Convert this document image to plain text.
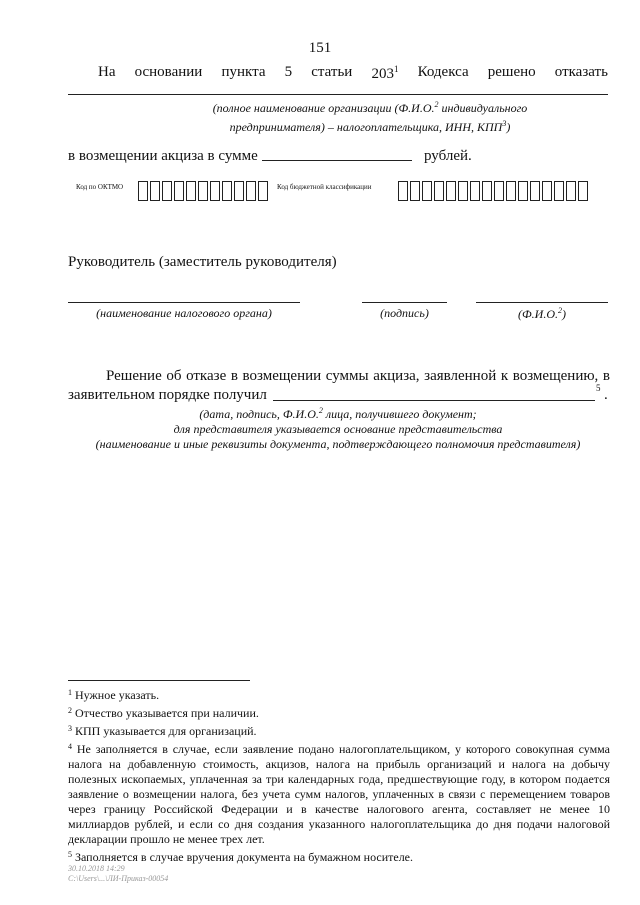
151
На основании пункта 5 статьи $203^1$ Кодекса решено отказать
(полное наименование организации (Ф.И.О.$^2$ индивидуального
предпринимателя) – налогоплательщика, ИНН, КПП$^3$)
в возмещении акциза в сумме	рублей.
Код по ОКТМО	Код бюджетной классификации
Руководитель (заместитель руководителя)
(наименование налогового органа)	(подпись)	(Ф.И.О.$^2$)
Решение об отказе в возмещении суммы акциза, заявленной к возмещению, в
заявительном порядке получил	5 .
(дата, подпись, Ф.И.О.$^2$ лица, получившего документ;
для представителя указывается основание представительства
(наименование и иные реквизиты документа, подтверждающего полномочия представителя)
$^1$ Нужное указать.
$^2$ Отчество указывается при наличии.
$^3$ КПП указывается для организаций.
$^4$ Не заполняется в случае, если заявление подано налогоплательщиком, у которого совокупная сумма налога на добавленную стоимость, акцизов, налога на прибыль организаций и налога на добычу полезных ископаемых, уплаченная за три календарных года, предшествующие году, в котором подается заявление о возмещении налога, без учета сумм налогов, уплаченных в связи с перемещением товаров через границу Российской Федерации и в качестве налогового агента, составляет не менее 10 миллиардов рублей, и если со дня создания указанного налогоплательщика до дня подачи налоговой декларации прошло не менее трех лет.
$^5$ Заполняется в случае вручения документа на бумажном носителе.
30.10.2018 14:29
C:\Users\...\ЛИ-Приказ-00054
